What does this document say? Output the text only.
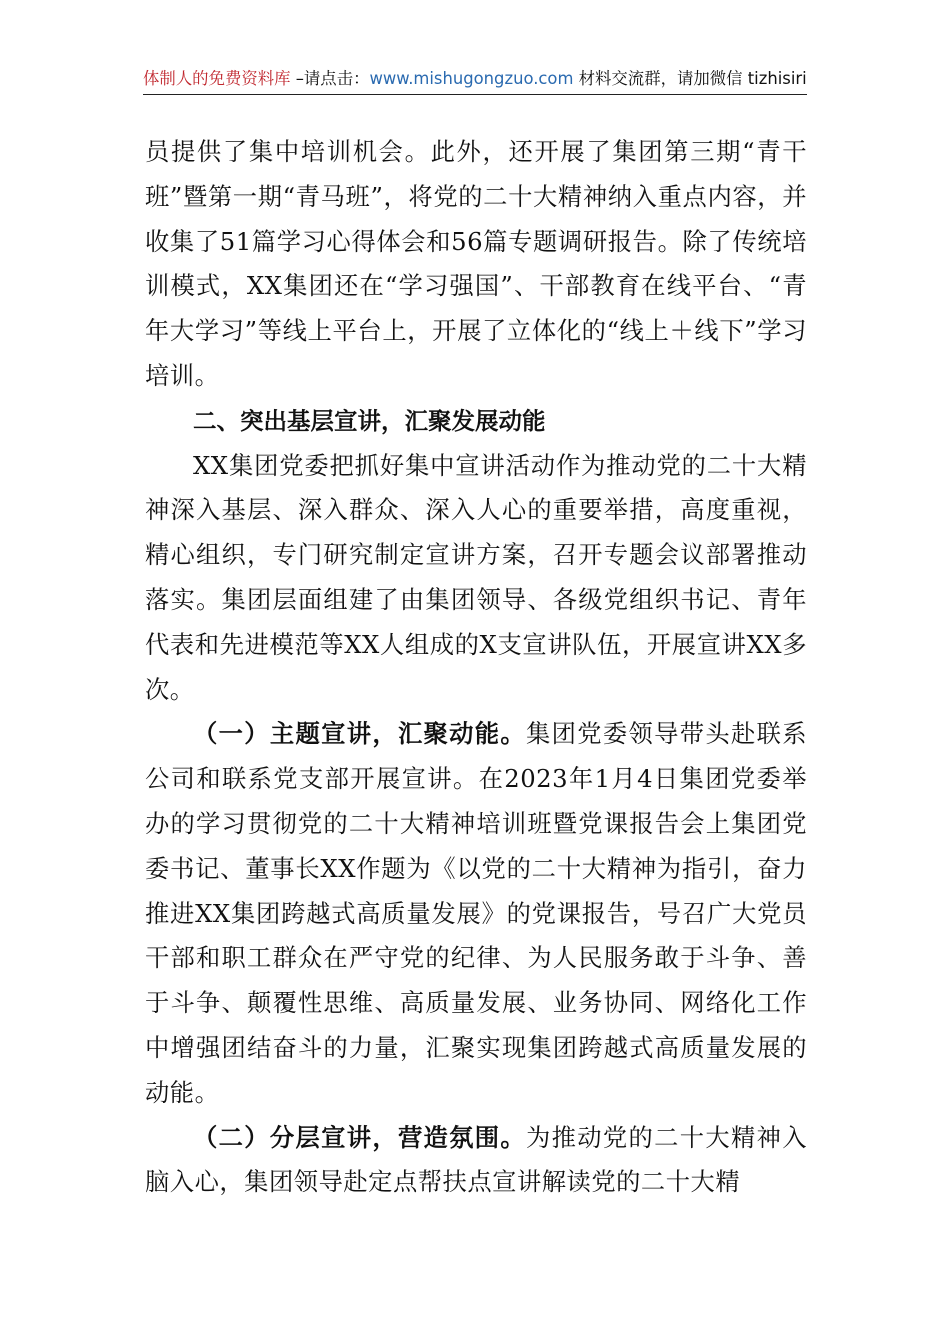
体制人的免费资料库 –请点击：www.mishugongzuo.com 材料交流群，请加微信 tizhisiri

员提供了集中培训机会。此外，还开展了集团第三期“青干班”暨第一期“青马班”，将党的二十大精神纳入重点内容，并收集了51篇学习心得体会和56篇专题调研报告。除了传统培训模式，XX集团还在“学习强国”、干部教育在线平台、“青年大学习”等线上平台上，开展了立体化的“线上＋线下”学习培训。

二、突出基层宣讲，汇聚发展动能

XX集团党委把抓好集中宣讲活动作为推动党的二十大精神深入基层、深入群众、深入人心的重要举措，高度重视，精心组织，专门研究制定宣讲方案，召开专题会议部署推动落实。集团层面组建了由集团领导、各级党组织书记、青年代表和先进模范等XX人组成的X支宣讲队伍，开展宣讲XX多次。

（一）主题宣讲，汇聚动能。集团党委领导带头赴联系公司和联系党支部开展宣讲。在2023年1月4日集团党委举办的学习贯彻党的二十大精神培训班暨党课报告会上集团党委书记、董事长XX作题为《以党的二十大精神为指引，奋力推进XX集团跨越式高质量发展》的党课报告，号召广大党员干部和职工群众在严守党的纪律、为人民服务敢于斗争、善于斗争、颠覆性思维、高质量发展、业务协同、网络化工作中增强团结奋斗的力量，汇聚实现集团跨越式高质量发展的动能。

（二）分层宣讲，营造氛围。为推动党的二十大精神入脑入心，集团领导赴定点帮扶点宣讲解读党的二十大精
